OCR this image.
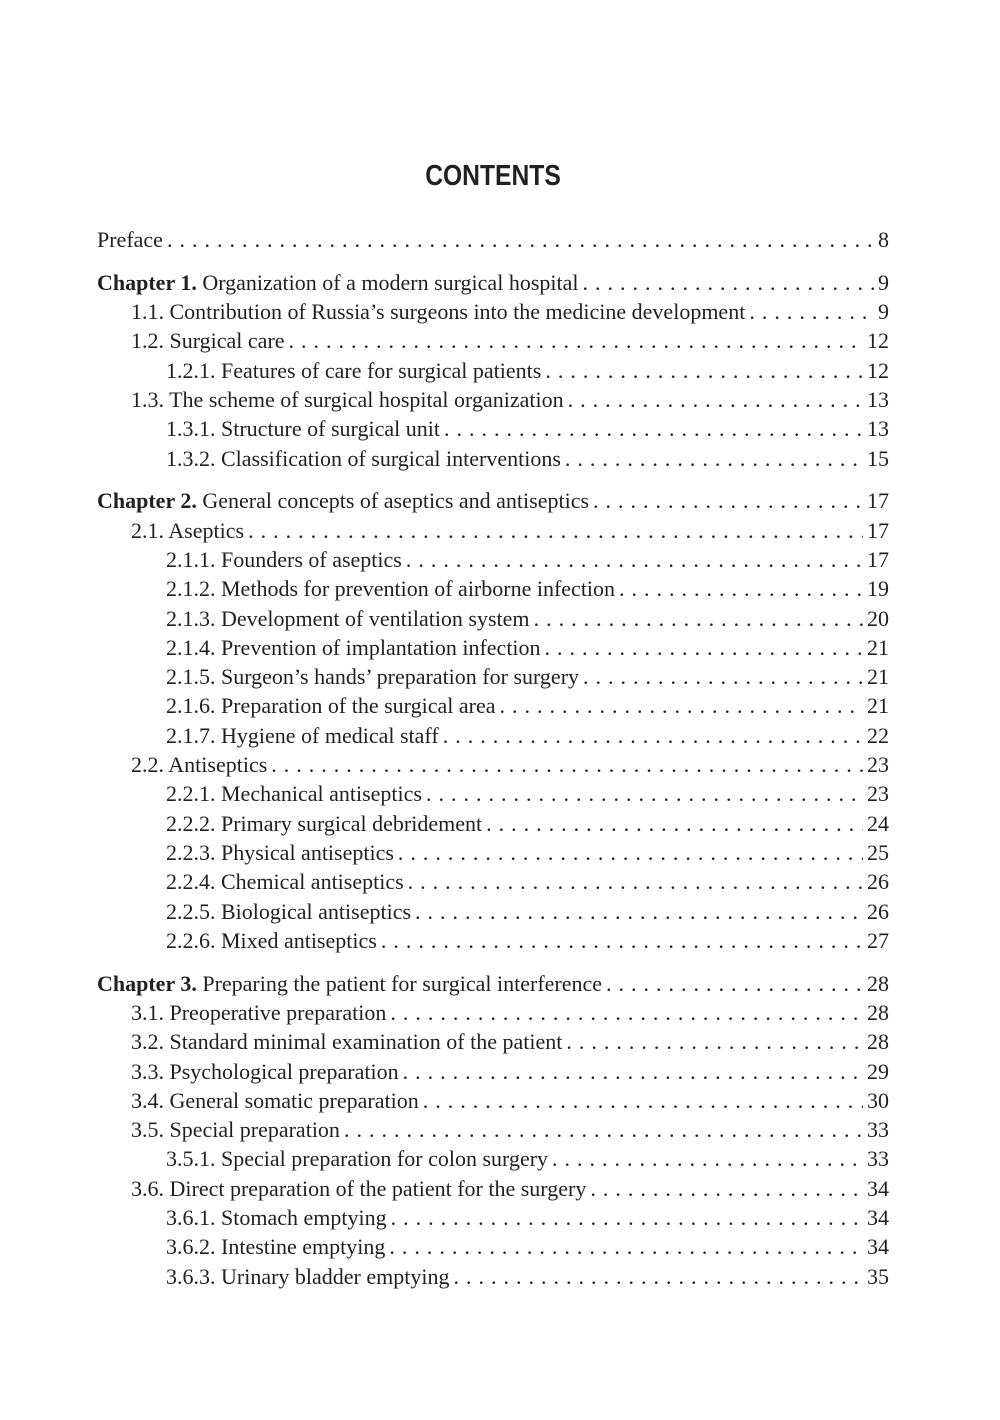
CONTENTS
Preface . . .	8
Chapter 1. Organization of a modern surgical hospital . . .	9
1.1. Contribution of Russia’s surgeons into the medicine development . . .	9
1.2. Surgical care . . .	12
1.2.1. Features of care for surgical patients . . .	12
1.3. The scheme of surgical hospital organization . . .	13
1.3.1. Structure of surgical unit . . .	13
1.3.2. Classification of surgical interventions . . .	15
Chapter 2. General concepts of aseptics and antiseptics . . .	17
2.1. Aseptics . . .	17
2.1.1. Founders of aseptics . . .	17
2.1.2. Methods for prevention of airborne infection . . .	19
2.1.3. Development of ventilation system . . .	20
2.1.4. Prevention of implantation infection . . .	21
2.1.5. Surgeon’s hands’ preparation for surgery . . .	21
2.1.6. Preparation of the surgical area . . .	21
2.1.7. Hygiene of medical staff . . .	22
2.2. Antiseptics . . .	23
2.2.1. Mechanical antiseptics . . .	23
2.2.2. Primary surgical debridement . . .	24
2.2.3. Physical antiseptics . . .	25
2.2.4. Chemical antiseptics . . .	26
2.2.5. Biological antiseptics . . .	26
2.2.6. Mixed antiseptics . . .	27
Chapter 3. Preparing the patient for surgical interference . . .	28
3.1. Preoperative preparation . . .	28
3.2. Standard minimal examination of the patient . . .	28
3.3. Psychological preparation . . .	29
3.4. General somatic preparation . . .	30
3.5. Special preparation . . .	33
3.5.1. Special preparation for colon surgery . . .	33
3.6. Direct preparation of the patient for the surgery . . .	34
3.6.1. Stomach emptying . . .	34
3.6.2. Intestine emptying . . .	34
3.6.3. Urinary bladder emptying . . .	35
